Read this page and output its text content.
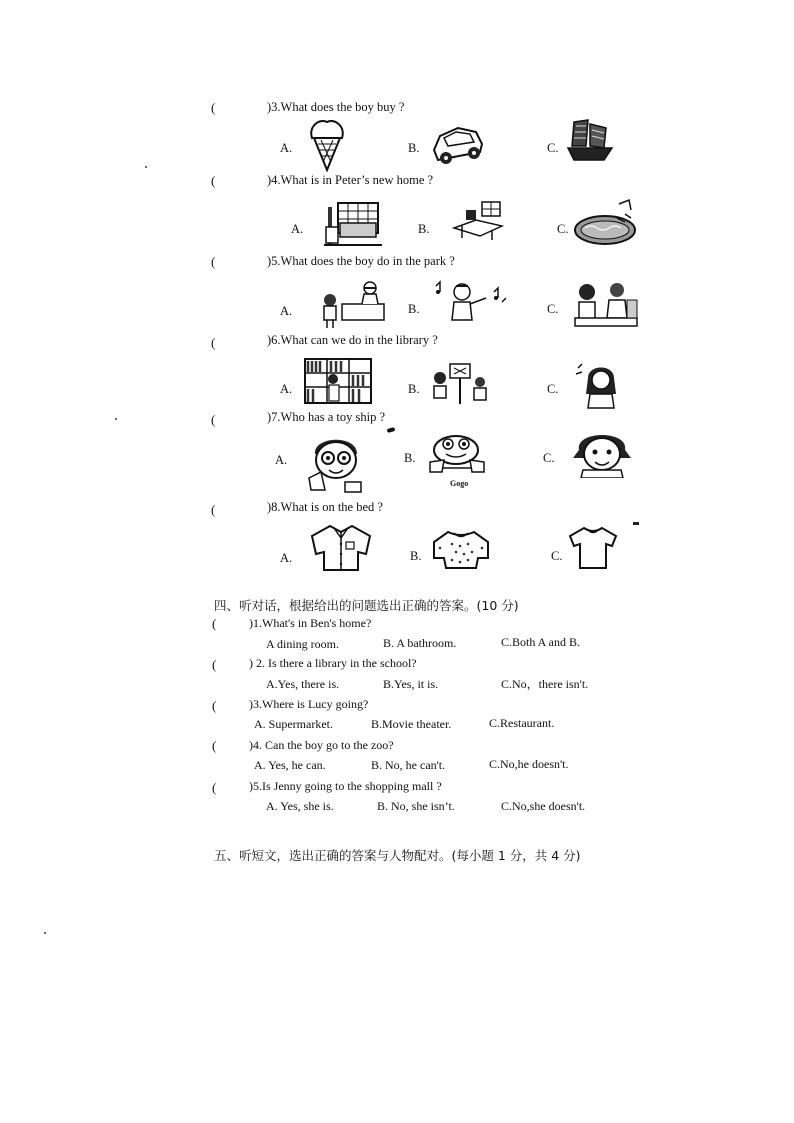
(	)3.What does the boy buy ?
A.	B.	C.
(	)4.What is in Peter’s new home ?
A.	B.	C.
(	)5.What does the boy do in the park ?
A.	B.	C.
(	)6.What can we do in the library ?
A.	B.	C.
(	)7.Who has a toy ship ?
A.	B.
Gogo
C.
(	)8.What is on the bed ?
A.	B.	C.
四、听对话，根据给出的问题选出正确的答案。(10 分)
(	)1.What's in Ben's home?
A dining room.	B. A bathroom.	C.Both A and B.
(	) 2. Is there a library in the school?
A.Yes, there is.	B.Yes, it is.	C.No，there isn't.
(	)3.Where is Lucy going?
A. Supermarket.	B.Movie theater.	C.Restaurant.
(	)4. Can the boy go to the zoo?
A. Yes, he can.	B. No, he can't.	C.No,he doesn't.
(	)5.Is Jenny going to the shopping mall ?
A. Yes, she is.	B. No, she isn’t.	C.No,she doesn't.
五、听短文，选出正确的答案与人物配对。(每小题 1 分，共 4 分)
